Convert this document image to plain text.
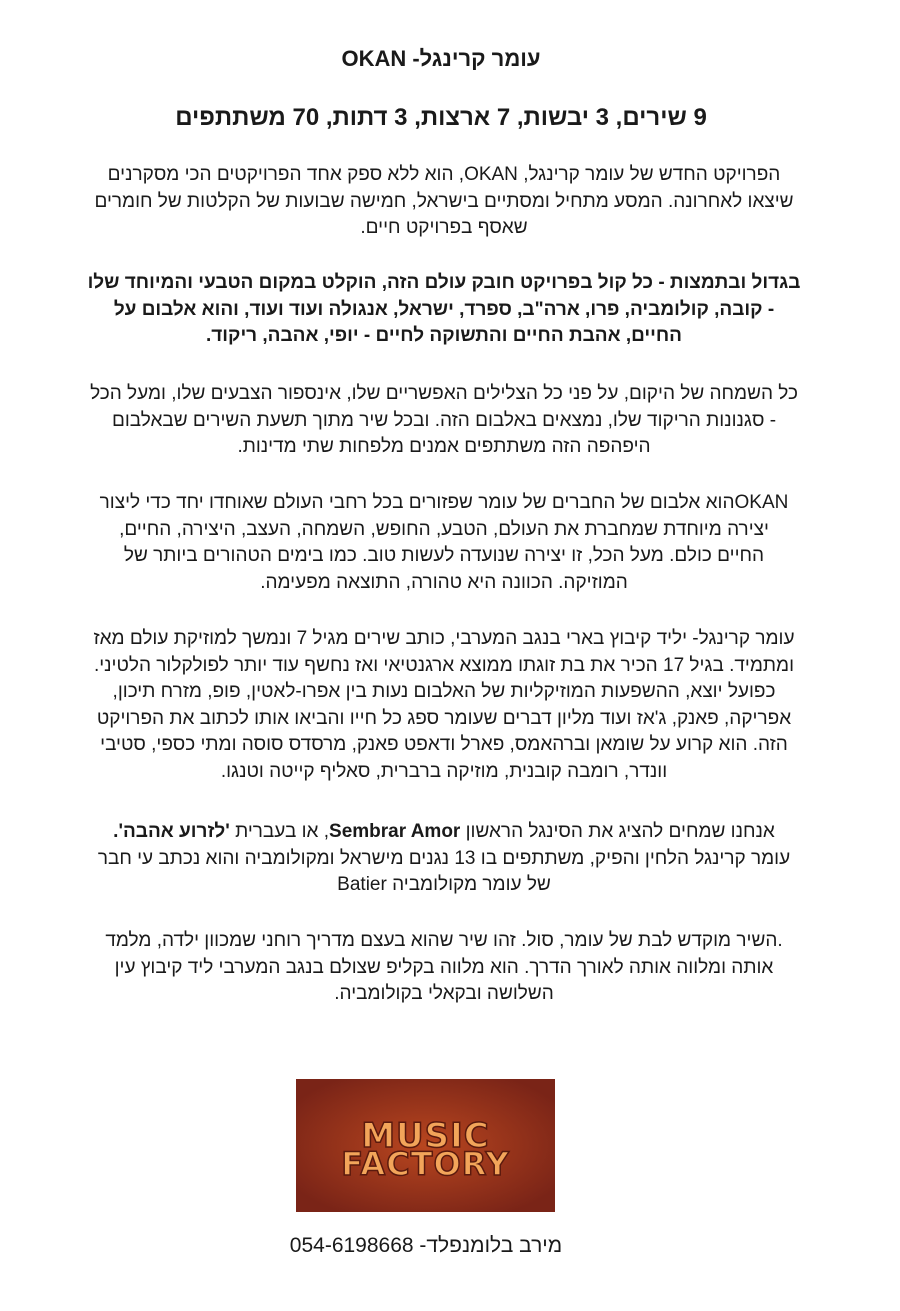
עומר קרינגל- OKAN
9 שירים, 3 יבשות, 7 ארצות, 3 דתות, 70 משתתפים
הפרויקט החדש של עומר קרינגל, OKAN, הוא ללא ספק אחד הפרויקטים הכי מסקרנים
שיצאו לאחרונה. המסע מתחיל ומסתיים בישראל, חמישה שבועות של הקלטות של חומרים
שאסף בפרויקט חיים.
בגדול ובתמצות - כל קול בפרויקט חובק עולם הזה, הוקלט במקום הטבעי והמיוחד שלו
- קובה, קולומביה, פרו, ארה"ב, ספרד, ישראל, אנגולה ועוד ועוד, והוא אלבום על
החיים, אהבת החיים והתשוקה לחיים - יופי, אהבה, ריקוד.
כל השמחה של היקום, על פני כל הצלילים האפשריים שלו, אינספור הצבעים שלו, ומעל הכל
- סגנונות הריקוד שלו, נמצאים באלבום הזה. ובכל שיר מתוך תשעת השירים שבאלבום
היפהפה הזה משתתפים אמנים מלפחות שתי מדינות.
OKANהוא אלבום של החברים של עומר שפזורים בכל רחבי העולם שאוחדו יחד כדי ליצור
יצירה מיוחדת שמחברת את העולם, הטבע, החופש, השמחה, העצב, היצירה, החיים,
החיים כולם. מעל הכל, זו יצירה שנועדה לעשות טוב. כמו בימים הטהורים ביותר של
המוזיקה. הכוונה היא טהורה, התוצאה מפעימה.
עומר קרינגל- יליד קיבוץ בארי בנגב המערבי, כותב שירים מגיל 7 ונמשך למוזיקת עולם מאז
ומתמיד. בגיל 17 הכיר את בת זוגתו ממוצא ארגנטיאי ואז נחשף עוד יותר לפולקלור הלטיני.
כפועל יוצא, ההשפעות המוזיקליות של האלבום נעות בין אפרו-לאטין, פופ, מזרח תיכון,
אפריקה, פאנק, ג'אז ועוד מליון דברים שעומר ספג כל חייו והביאו אותו לכתוב את הפרויקט
הזה. הוא קרוע על שומאן וברהאמס, פארל ודאפט פאנק, מרסדס סוסה ומתי כספי, סטיבי
וונדר, רומבה קובנית, מוזיקה ברברית, סאליף קייטה וטנגו.
אנחנו שמחים להציג את הסינגל הראשון Sembrar Amor, או בעברית 'לזרוע אהבה'.
עומר קרינגל הלחין והפיק, משתתפים בו 13 נגנים מישראל ומקולומביה והוא נכתב עי חבר
של עומר מקולומביה Batier
.השיר מוקדש לבת של עומר, סול. זהו שיר שהוא בעצם מדריך רוחני שמכוון ילדה, מלמד
אותה ומלווה אותה לאורך הדרך. הוא מלווה בקליפ שצולם בנגב המערבי ליד קיבוץ עין
השלושה ובקאלי בקולומביה.
MUSIC
FACTORY
מירב בלומנפלד- 054-6198668
